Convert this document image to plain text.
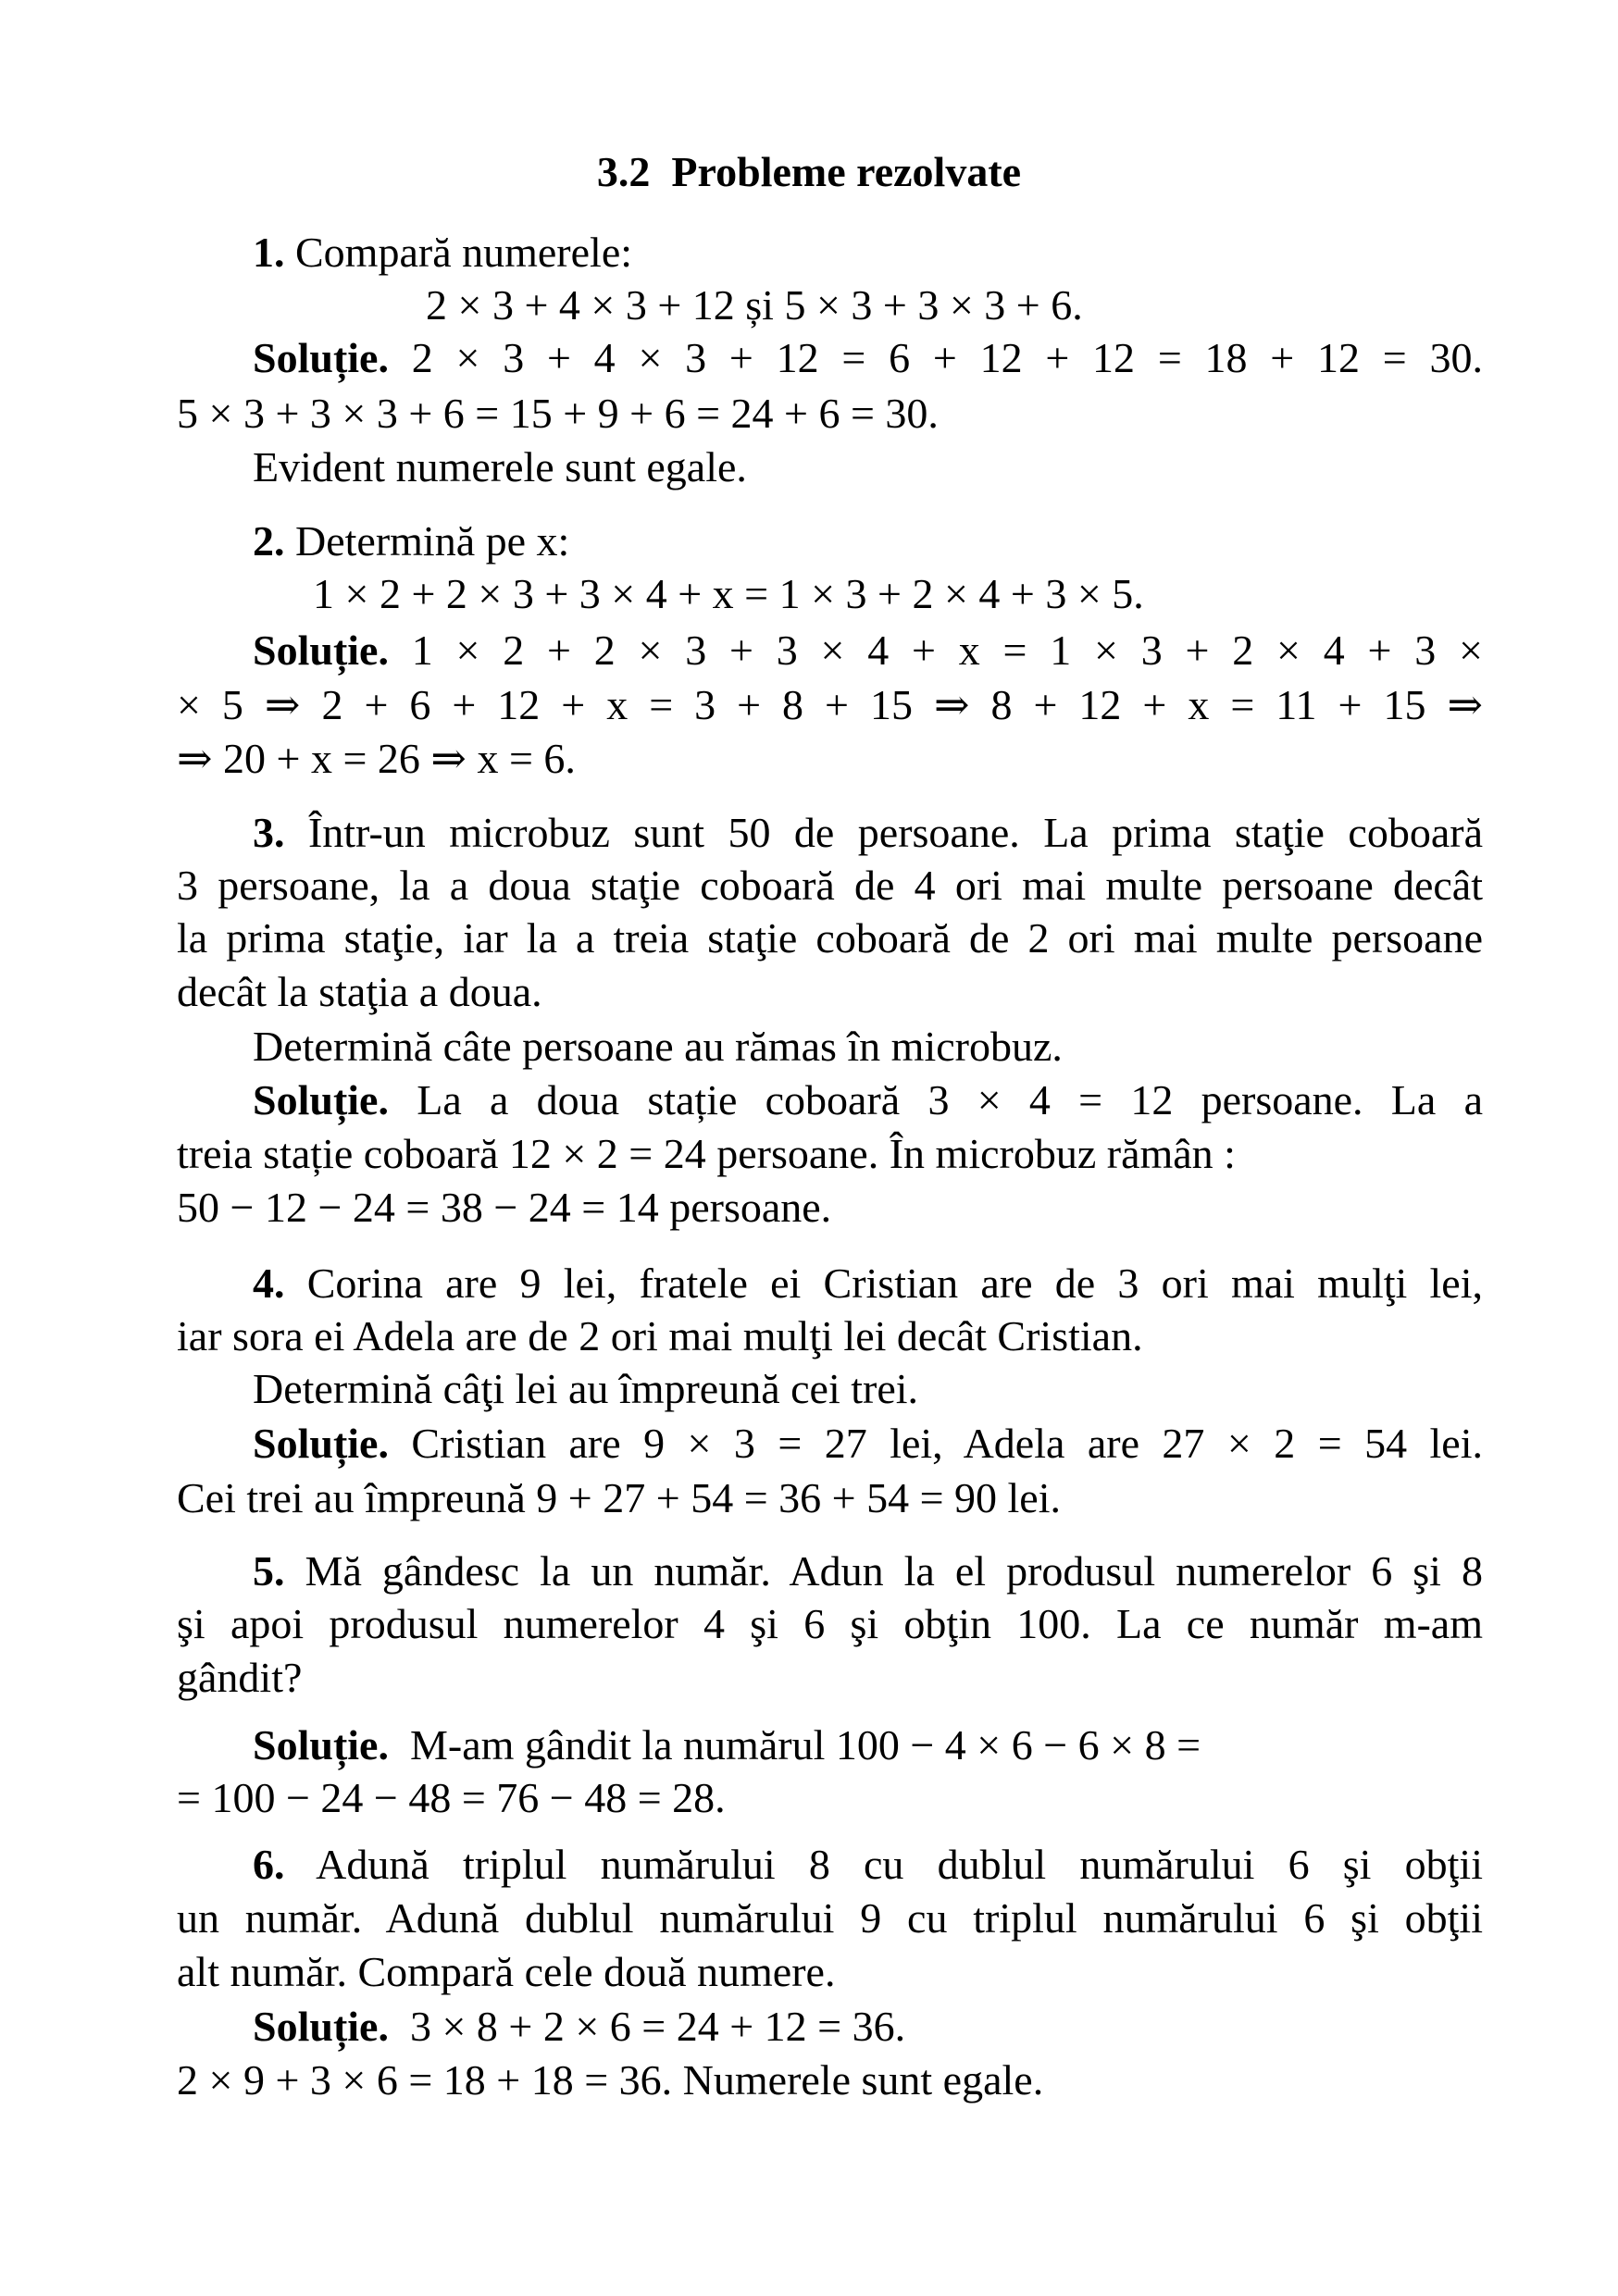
3.2  Probleme rezolvate
1. Compară numerele:
2 × 3 + 4 × 3 + 12 și 5 × 3 + 3 × 3 + 6.
Soluție. 2 × 3 + 4 × 3 + 12 = 6 + 12 + 12 = 18 + 12 = 30.
5 × 3 + 3 × 3 + 6 = 15 + 9 + 6 = 24 + 6 = 30.
Evident numerele sunt egale.
2. Determină pe x:
1 × 2 + 2 × 3 + 3 × 4 + x = 1 × 3 + 2 × 4 + 3 × 5.
Soluție. 1 × 2 + 2 × 3 + 3 × 4 + x = 1 × 3 + 2 × 4 + 3 ×
× 5 ⇒ 2 + 6 + 12 + x = 3 + 8 + 15 ⇒ 8 + 12 + x = 11 + 15 ⇒
⇒ 20 + x = 26 ⇒ x = 6.
3. Într-un microbuz sunt 50 de persoane. La prima staţie coboară
3 persoane, la a doua staţie coboară de 4 ori mai multe persoane decât
la prima staţie, iar la a treia staţie coboară de 2 ori mai multe persoane
decât la staţia a doua.
Determină câte persoane au rămas în microbuz.
Soluție. La a doua stație coboară 3 × 4 = 12 persoane. La a
treia stație coboară 12 × 2 = 24 persoane. În microbuz rămân :
50 − 12 − 24 = 38 − 24 = 14 persoane.
4. Corina are 9 lei, fratele ei Cristian are de 3 ori mai mulţi lei,
iar sora ei Adela are de 2 ori mai mulţi lei decât Cristian.
Determină câţi lei au împreună cei trei.
Soluție. Cristian are 9 × 3 = 27 lei, Adela are 27 × 2 = 54 lei.
Cei trei au împreună 9 + 27 + 54 = 36 + 54 = 90 lei.
5. Mă gândesc la un număr. Adun la el produsul numerelor 6 şi 8
şi apoi produsul numerelor 4 şi 6 şi obţin 100. La ce număr m-am
gândit?
Soluție.  M-am gândit la numărul 100 − 4 × 6 − 6 × 8 =
= 100 − 24 − 48 = 76 − 48 = 28.
6. Adună triplul numărului 8 cu dublul numărului 6 şi obţii
un număr. Adună dublul numărului 9 cu triplul numărului 6 şi obţii
alt număr. Compară cele două numere.
Soluție.  3 × 8 + 2 × 6 = 24 + 12 = 36.
2 × 9 + 3 × 6 = 18 + 18 = 36. Numerele sunt egale.
